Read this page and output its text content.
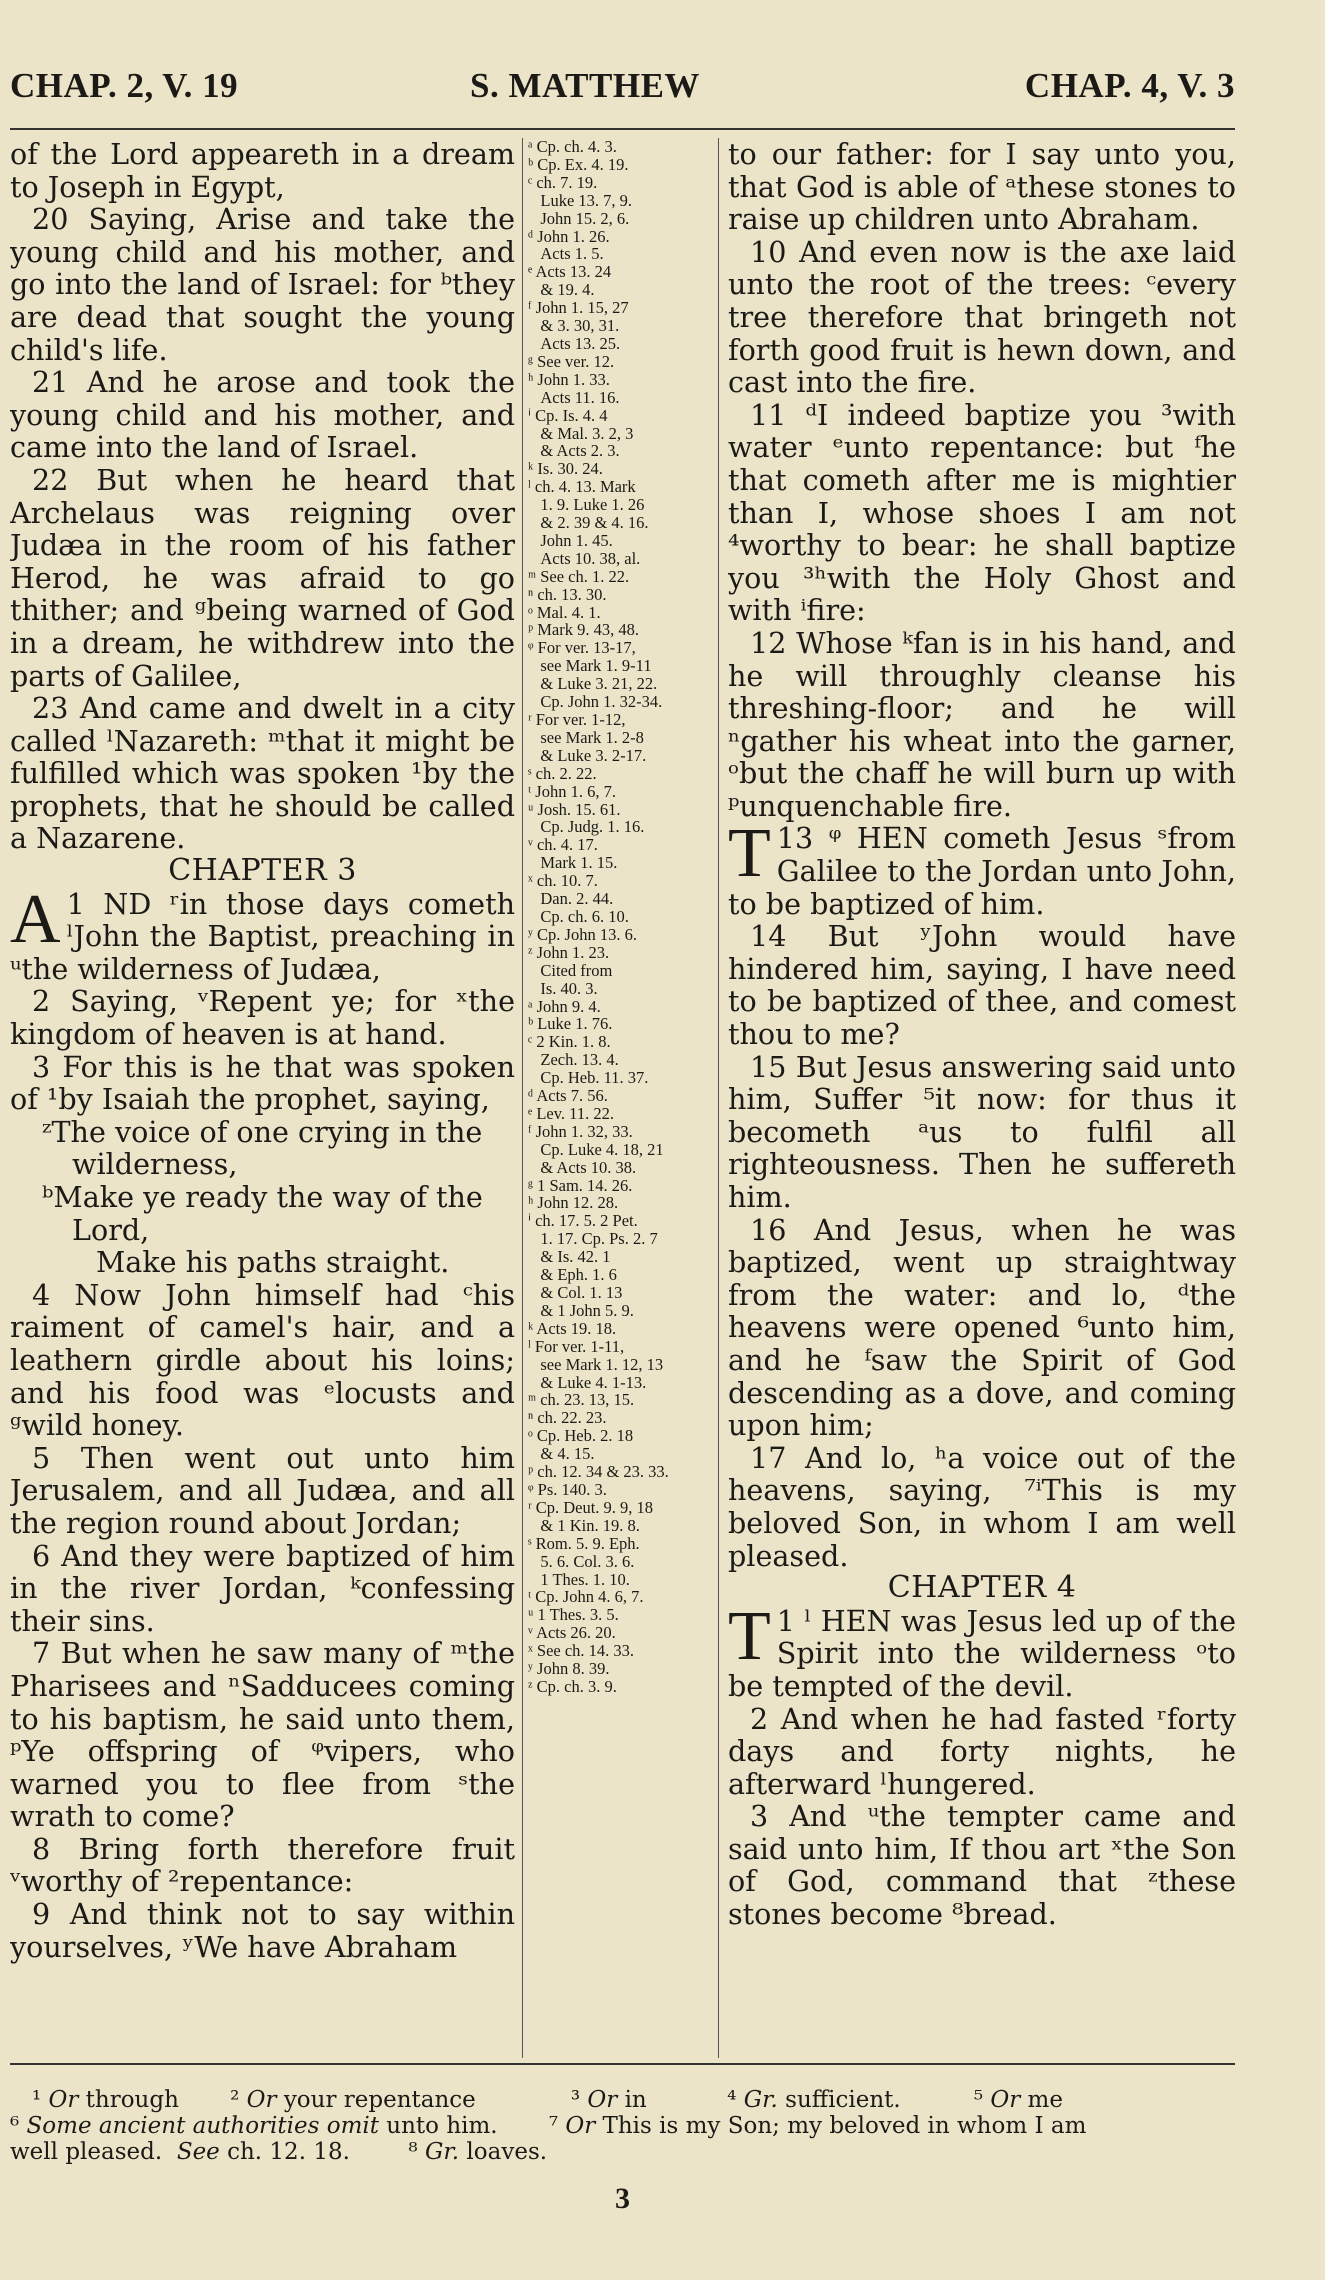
CHAP. 2, V. 19	S. MATTHEW	CHAP. 4, V. 3

of the Lord appeareth in a dream to Joseph in Egypt,

20 Saying, Arise and take the young child and his mother, and go into the land of Israel: for ᵇthey are dead that sought the young child's life.

21 And he arose and took the young child and his mother, and came into the land of Israel.

22 But when he heard that Archelaus was reigning over Judæa in the room of his father Herod, he was afraid to go thither; and ᵍbeing warned of God in a dream, he withdrew into the parts of Galilee,

23 And came and dwelt in a city called ˡNazareth: ᵐthat it might be fulfilled which was spoken ¹by the prophets, that he should be called a Nazarene.

CHAPTER 3

A 1 ND ʳin those days cometh ˡJohn the Baptist, preaching in ᵘthe wilderness of Judæa,

2 Saying, ᵛRepent ye; for ˣthe kingdom of heaven is at hand.

3 For this is he that was spoken of ¹by Isaiah the prophet, saying,

ᶻThe voice of one crying in the wilderness,

ᵇMake ye ready the way of the Lord,

Make his paths straight.

4 Now John himself had ᶜhis raiment of camel's hair, and a leathern girdle about his loins; and his food was ᵉlocusts and ᵍwild honey.

5 Then went out unto him Jerusalem, and all Judæa, and all the region round about Jordan;

6 And they were baptized of him in the river Jordan, ᵏconfessing their sins.

7 But when he saw many of ᵐthe Pharisees and ⁿSadducees coming to his baptism, he said unto them, ᵖYe offspring of ᵠvipers, who warned you to flee from ˢthe wrath to come?

8 Bring forth therefore fruit ᵛworthy of ²repentance:

9 And think not to say within yourselves, ʸWe have Abraham

ᵃ Cp. ch. 4. 3.
ᵇ Cp. Ex. 4. 19.
ᶜ ch. 7. 19.
Luke 13. 7, 9.
John 15. 2, 6.
ᵈ John 1. 26.
Acts 1. 5.
ᵉ Acts 13. 24
& 19. 4.
ᶠ John 1. 15, 27
& 3. 30, 31.
Acts 13. 25.
ᵍ See ver. 12.
ʰ John 1. 33.
Acts 11. 16.
ⁱ Cp. Is. 4. 4
& Mal. 3. 2, 3
& Acts 2. 3.
ᵏ Is. 30. 24.
ˡ ch. 4. 13. Mark
1. 9. Luke 1. 26
& 2. 39 & 4. 16.
John 1. 45.
Acts 10. 38, al.
ᵐ See ch. 1. 22.
ⁿ ch. 13. 30.
ᵒ Mal. 4. 1.
ᵖ Mark 9. 43, 48.
ᵠ For ver. 13-17,
see Mark 1. 9-11
& Luke 3. 21, 22.
Cp. John 1. 32-34.
ʳ For ver. 1-12,
see Mark 1. 2-8
& Luke 3. 2-17.
ˢ ch. 2. 22.
ᵗ John 1. 6, 7.
ᵘ Josh. 15. 61.
Cp. Judg. 1. 16.
ᵛ ch. 4. 17.
Mark 1. 15.
ˣ ch. 10. 7.
Dan. 2. 44.
Cp. ch. 6. 10.
ʸ Cp. John 13. 6.
ᶻ John 1. 23.
Cited from
Is. 40. 3.
ᵃ John 9. 4.
ᵇ Luke 1. 76.
ᶜ 2 Kin. 1. 8.
Zech. 13. 4.
Cp. Heb. 11. 37.
ᵈ Acts 7. 56.
ᵉ Lev. 11. 22.
ᶠ John 1. 32, 33.
Cp. Luke 4. 18, 21
& Acts 10. 38.
ᵍ 1 Sam. 14. 26.
ʰ John 12. 28.
ⁱ ch. 17. 5. 2 Pet.
1. 17. Cp. Ps. 2. 7
& Is. 42. 1
& Eph. 1. 6
& Col. 1. 13
& 1 John 5. 9.
ᵏ Acts 19. 18.
ˡ For ver. 1-11,
see Mark 1. 12, 13
& Luke 4. 1-13.
ᵐ ch. 23. 13, 15.
ⁿ ch. 22. 23.
ᵒ Cp. Heb. 2. 18
& 4. 15.
ᵖ ch. 12. 34 & 23. 33.
ᵠ Ps. 140. 3.
ʳ Cp. Deut. 9. 9, 18
& 1 Kin. 19. 8.
ˢ Rom. 5. 9. Eph.
5. 6. Col. 3. 6.
1 Thes. 1. 10.
ᵗ Cp. John 4. 6, 7.
ᵘ 1 Thes. 3. 5.
ᵛ Acts 26. 20.
ˣ See ch. 14. 33.
ʸ John 8. 39.
ᶻ Cp. ch. 3. 9.

to our father: for I say unto you, that God is able of ᵃthese stones to raise up children unto Abraham.

10 And even now is the axe laid unto the root of the trees: ᶜevery tree therefore that bringeth not forth good fruit is hewn down, and cast into the fire.

11 ᵈI indeed baptize you ³with water ᵉunto repentance: but ᶠhe that cometh after me is mightier than I, whose shoes I am not ⁴worthy to bear: he shall baptize you ³ʰwith the Holy Ghost and with ⁱfire:

12 Whose ᵏfan is in his hand, and he will throughly cleanse his threshing-floor; and he will ⁿgather his wheat into the garner, ᵒbut the chaff he will burn up with ᵖunquenchable fire.

T 13 ᵠ HEN cometh Jesus ˢfrom Galilee to the Jordan unto John, to be baptized of him.

14 But ʸJohn would have hindered him, saying, I have need to be baptized of thee, and comest thou to me?

15 But Jesus answering said unto him, Suffer ⁵it now: for thus it becometh ᵃus to fulfil all righteousness. Then he suffereth him.

16 And Jesus, when he was baptized, went up straightway from the water: and lo, ᵈthe heavens were opened ⁶unto him, and he ᶠsaw the Spirit of God descending as a dove, and coming upon him;

17 And lo, ʰa voice out of the heavens, saying, ⁷ⁱThis is my beloved Son, in whom I am well pleased.

CHAPTER 4

T 1 ˡ HEN was Jesus led up of the Spirit into the wilderness ᵒto be tempted of the devil.

2 And when he had fasted ʳforty days and forty nights, he afterward ˡhungered.

3 And ᵘthe tempter came and said unto him, If thou art ˣthe Son of God, command that ᶻthese stones become ⁸bread.

¹ Or through ² Or your repentance	³ Or in	⁴ Gr. sufficient.	⁵ Or me
⁶ Some ancient authorities omit unto him. ⁷ Or This is my Son; my beloved in whom I am
well pleased. See ch. 12. 18.	⁸ Gr. loaves.
3
